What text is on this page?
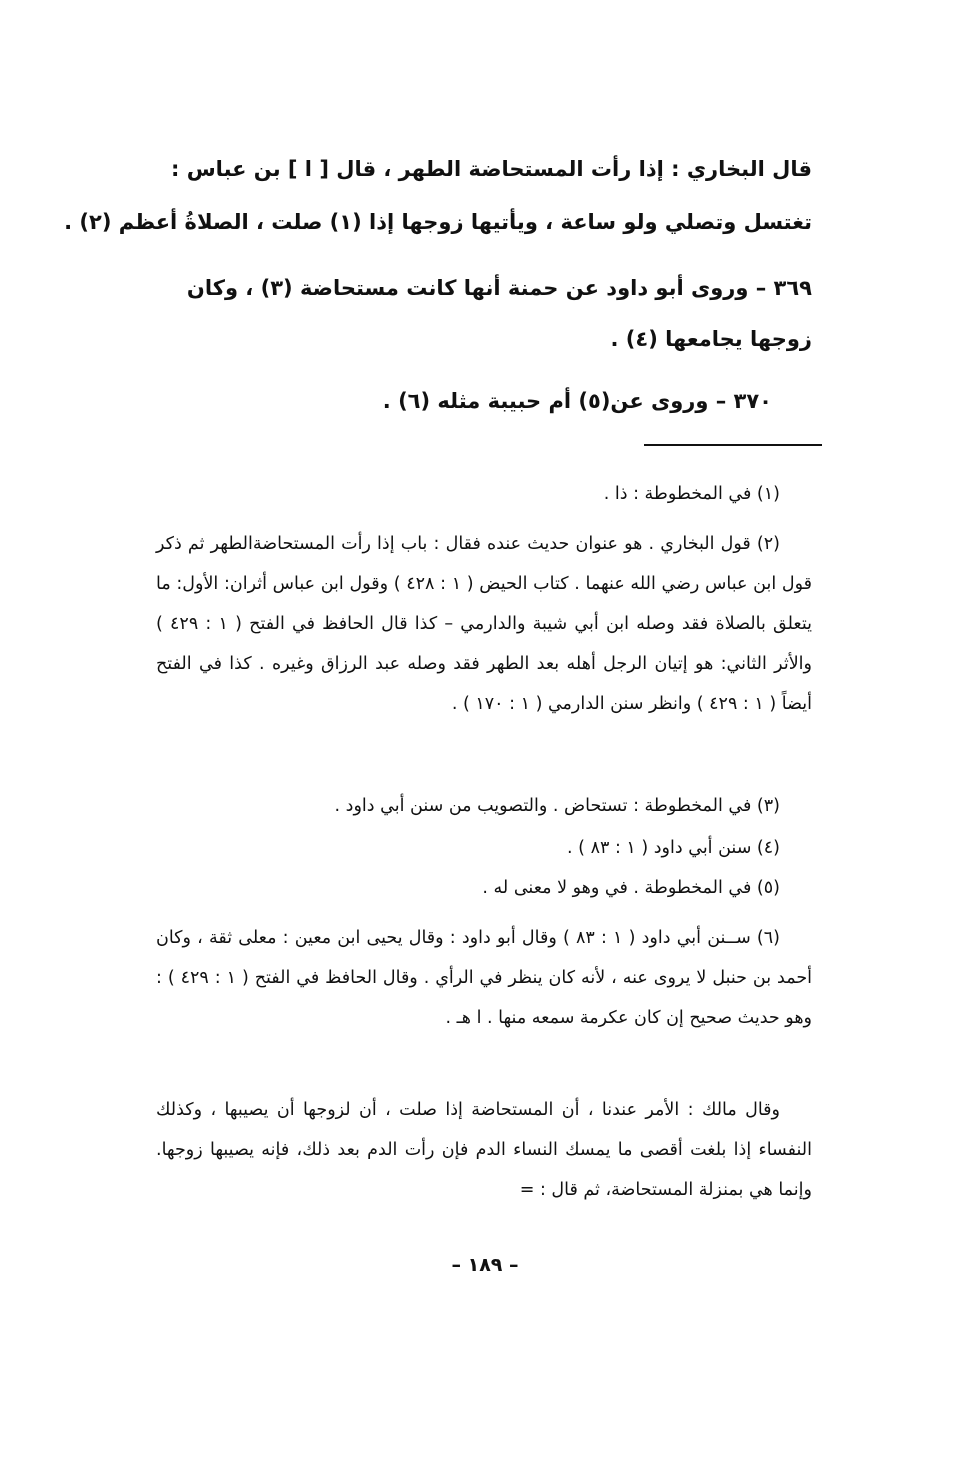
قال البخاري : إذا رأت المستحاضة الطهر ، قال [ ا ] بن عباس :
تغتسل وتصلي ولو ساعة ، ويأتيها زوجها إذا (١) صلت ، الصلاةُ أعظم (٢) .
٣٦٩ – وروى أبو داود عن حمنة أنها كانت مستحاضة (٣) ، وكان
زوجها يجامعها (٤) .
٣٧٠ – وروى عن(٥) أم حبيبة مثله (٦) .
(١) في المخطوطة : ذا .
(٢) قول البخاري . هو عنوان حديث عنده فقال : باب إذا رأت المستحاضةالطهر ثم ذكر قول ابن عباس رضي الله عنهما . كتاب الحيض ( ١ : ٤٢٨ ) وقول ابن عباس أثران: الأول: ما يتعلق بالصلاة فقد وصله ابن أبي شيبة والدارمي – كذا قال الحافظ في الفتح ( ١ : ٤٢٩ ) والأثر الثاني: هو إتيان الرجل أهله بعد الطهر فقد وصله عبد الرزاق وغيره . كذا في الفتح أيضاً ( ١ : ٤٢٩ ) وانظر سنن الدارمي ( ١ : ١٧٠ ) .
(٣) في المخطوطة : تستحاض . والتصويب من سنن أبي داود .
(٤) سنن أبي داود ( ١ : ٨٣ ) .
(٥) في المخطوطة . في وهو لا معنى له .
(٦) ســنن أبي داود ( ١ : ٨٣ ) وقال أبو داود : وقال يحيى ابن معين : معلى ثقة ، وكان أحمد بن حنبل لا يروى عنه ، لأنه كان ينظر في الرأي . وقال الحافظ في الفتح ( ١ : ٤٢٩ ) : وهو حديث صحيح إن كان عكرمة سمعه منها . ا هـ .
وقال مالك : الأمر عندنا ، أن المستحاضة إذا صلت ، أن لزوجها أن يصيبها ، وكذلك النفساء إذا بلغت أقصى ما يمسك النساء الدم فإن رأت الدم بعد ذلك، فإنه يصيبها زوجها. وإنما هي بمنزلة المستحاضة، ثم قال : =
– ١٨٩ –
